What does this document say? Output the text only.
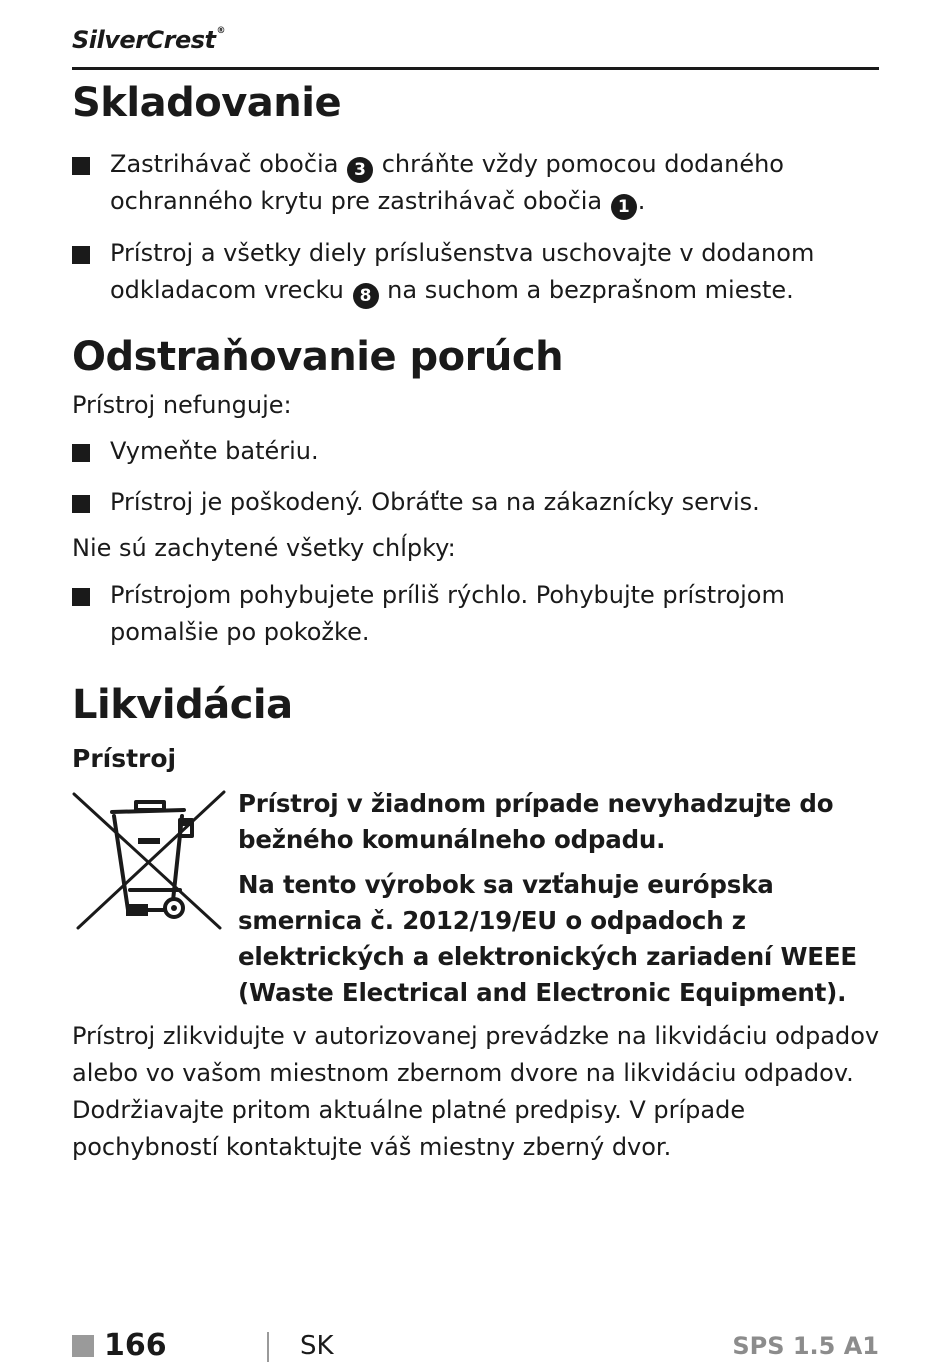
SilverCrest®
Skladovanie
Zastrihávač obočia 3 chráňte vždy pomocou dodaného ochranného krytu pre zastrihávač obočia 1 .
Prístroj a všetky diely príslušenstva uschovajte v dodanom odkladacom vrecku 8 na suchom a bezprašnom mieste.
Odstraňovanie porúch
Prístroj nefunguje:
Vymeňte batériu.
Prístroj je poškodený. Obráťte sa na zákaznícky servis.
Nie sú zachytené všetky chĺpky:
Prístrojom pohybujete príliš rýchlo. Pohybujte prístrojom pomalšie po pokožke.
Likvidácia
Prístroj

Prístroj v žiadnom prípade nevyhadzujte do bežného komunálneho odpadu.

Na tento výrobok sa vzťahuje európska smernica č. 2012/19/EU o odpadoch z elektrických a elektronických zariadení WEEE (Waste Electrical and Electronic Equipment).

Prístroj zlikvidujte v autorizovanej prevádzke na likvidáciu odpadov alebo vo vašom miestnom zbernom dvore na likvidáciu odpadov. Dodržiavajte pritom aktuálne platné predpisy. V prípade pochybností kontaktujte váš miestny zberný dvor.
166	SK	SPS 1.5 A1
